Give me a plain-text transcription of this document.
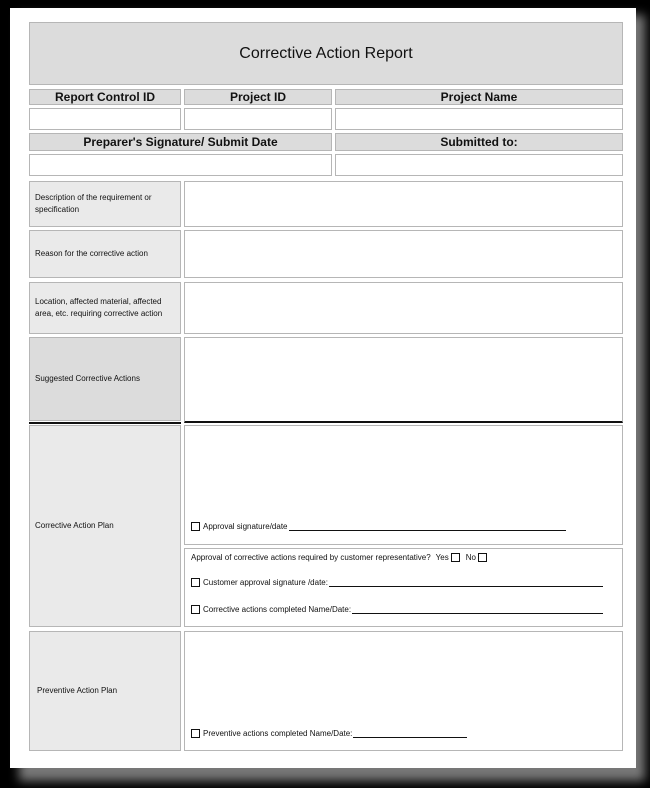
Corrective Action Report
Report Control ID	Project ID	Project Name
Preparer's Signature/ Submit Date	Submitted to:
Description of the requirement or specification
Reason for the corrective action
Location, affected material, affected area, etc. requiring corrective action
Suggested Corrective Actions
Corrective Action Plan	Approval signature/date
Approval of corrective actions required by customer representative? Yes No
Customer approval signature /date:
Corrective actions completed Name/Date:
Preventive Action Plan
Preventive actions completed Name/Date:
